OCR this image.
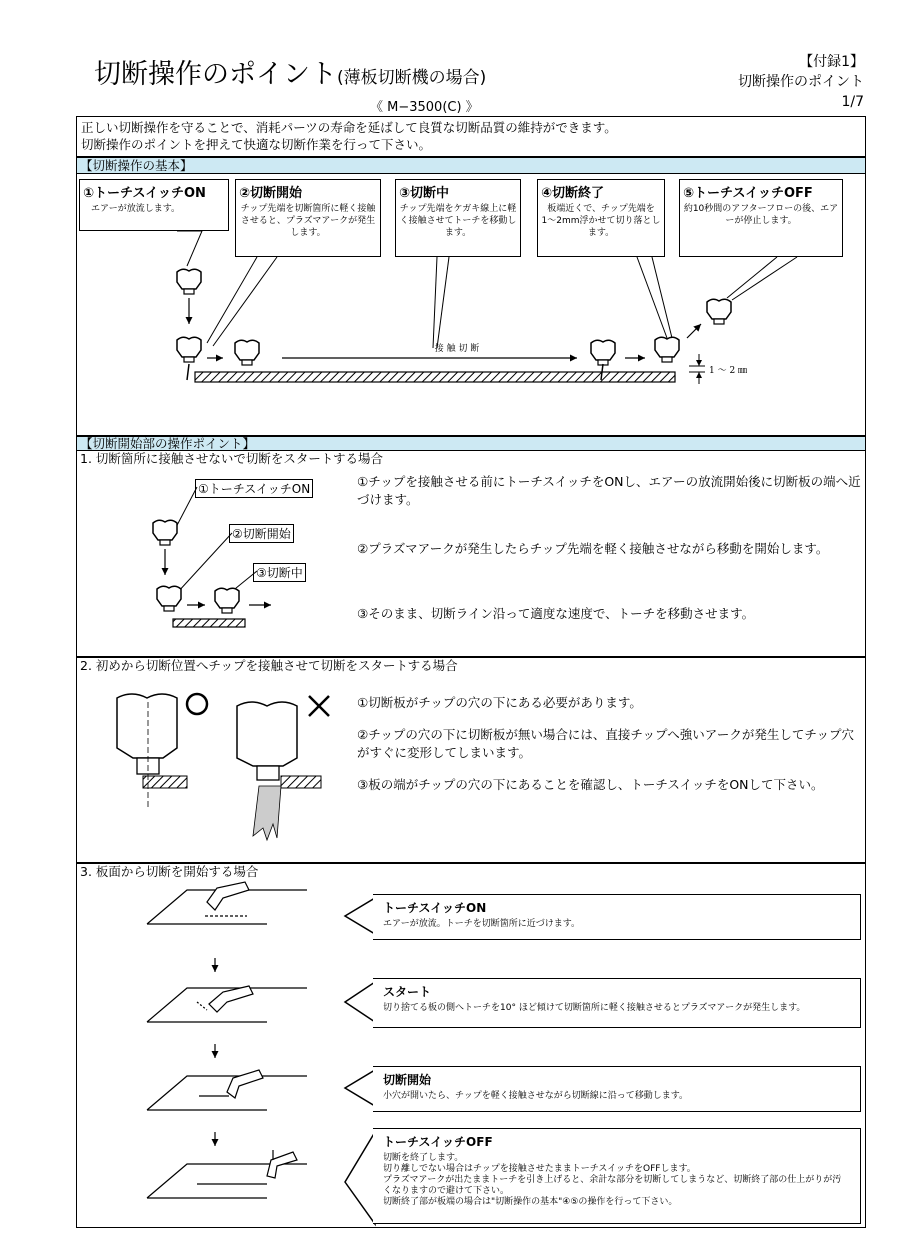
切断操作のポイント(薄板切断機の場合)
《 M−3500(C) 》
【付録1】
切断操作のポイント
1/7
正しい切断操作を守ることで、消耗パーツの寿命を延ばして良質な切断品質の維持ができます。
切断操作のポイントを押えて快適な切断作業を行って下さい。
【切断操作の基本】
①トーチスイッチON
エアーが放流します。
②切断開始
チップ先端を切断箇所に軽く接触させると、プラズマアークが発生します。
③切断中
チップ先端をケガキ線上に軽く接触させてトーチを移動します。
④切断終了
板端近くで、チップ先端を1〜2mm浮かせて切り落とします。
⑤トーチスイッチOFF
約10秒間のアフターフローの後、エアーが停止します。
接 触 切 断
1 〜 2 ㎜
【切断開始部の操作ポイント】
1. 切断箇所に接触させないで切断をスタートする場合
①トーチスイッチON
②切断開始
③切断中
①チップを接触させる前にトーチスイッチをONし、エアーの放流開始後に切断板の端へ近づけます。
②プラズマアークが発生したらチップ先端を軽く接触させながら移動を開始します。
③そのまま、切断ライン沿って適度な速度で、トーチを移動させます。
2. 初めから切断位置へチップを接触させて切断をスタートする場合
①切断板がチップの穴の下にある必要があります。
②チップの穴の下に切断板が無い場合には、直接チップへ強いアークが発生してチップ穴がすぐに変形してしまいます。
③板の端がチップの穴の下にあることを確認し、トーチスイッチをONして下さい。
3. 板面から切断を開始する場合
トーチスイッチON
エアーが放流。トーチを切断箇所に近づけます。
スタート
切り捨てる板の側へトーチを10° ほど傾けて切断箇所に軽く接触させるとプラズマアークが発生します。
切断開始
小穴が開いたら、チップを軽く接触させながら切断線に沿って移動します。
トーチスイッチOFF
切断を終了します。
切り離しでない場合はチップを接触させたままトーチスイッチをOFFします。
プラズマアークが出たままトーチを引き上げると、余計な部分を切断してしまうなど、切断終了部の仕上がりが汚くなりますので避けて下さい。
切断終了部が板端の場合は"切断操作の基本"④⑤の操作を行って下さい。
